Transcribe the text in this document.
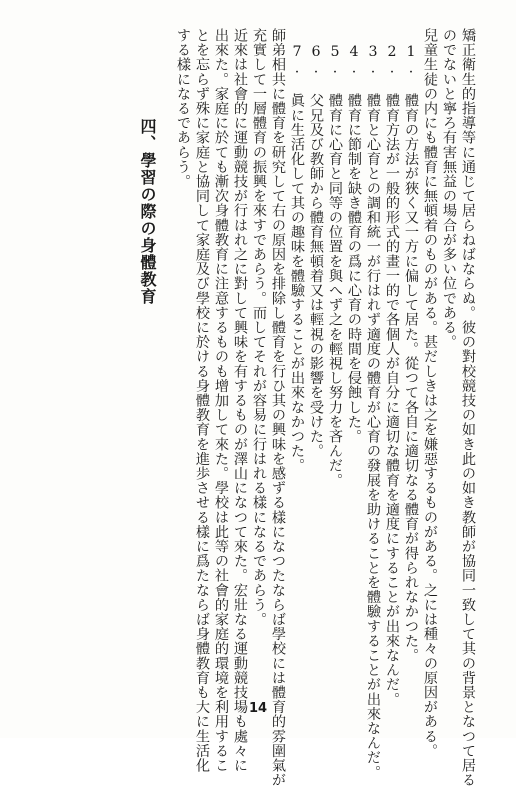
矯正衛生的指導等に通じて居らねばならぬ。彼の對校競技の如き此の如き教師が協同一致して其の背景となつて居る
のでないと寧ろ有害無益の場合が多い位である。
兒童生徒の内にも體育に無頓着のものがある。甚だしきは之を嫌惡するものがある。之には種々の原因がある。
1. 體育の方法が狹く又一方に偏して居た。從つて各自に適切なる體育が得られなかつた。
2. 體育方法が一般的形式的畫一的で各個人が自分に適切な體育を適度にすることが出來なんだ。
3. 體育と心育との調和統一が行はれず適度の體育が心育の發展を助けることを體驗することが出來なんだ。
4. 體育に節制を缺き體育の爲に心育の時間を侵蝕した。
5. 體育に心育と同等の位置を與へず之を輕視し努力を吝んだ。
6. 父兄及び教師から體育無頓着又は輕視の影響を受けた。
7. 眞に生活化して其の趣味を體驗することが出來なかつた。
師弟相共に體育を研究して右の原因を排除し體育を行ひ其の興味を感ずる樣になつたならば學校には體育的雰圍氣が
充實して一層體育の振興を來すであらう。而してそれが容易に行はれる樣になるであらう。
近來は社會的に運動競技が行はれ之に對して興味を有するものが澤山になつて來た。宏壯なる運動競技場も處々に
出來た。家庭に於ても漸次身體教育に注意するものも增加して來た。學校は此等の社會的家庭的環境を利用するこ
とを忘らず殊に家庭と協同して家庭及び學校に於ける身體教育を進歩させる樣に爲たならば身體教育も大に生活化
する樣になるであらう。
四、學習の際の身體教育
14
